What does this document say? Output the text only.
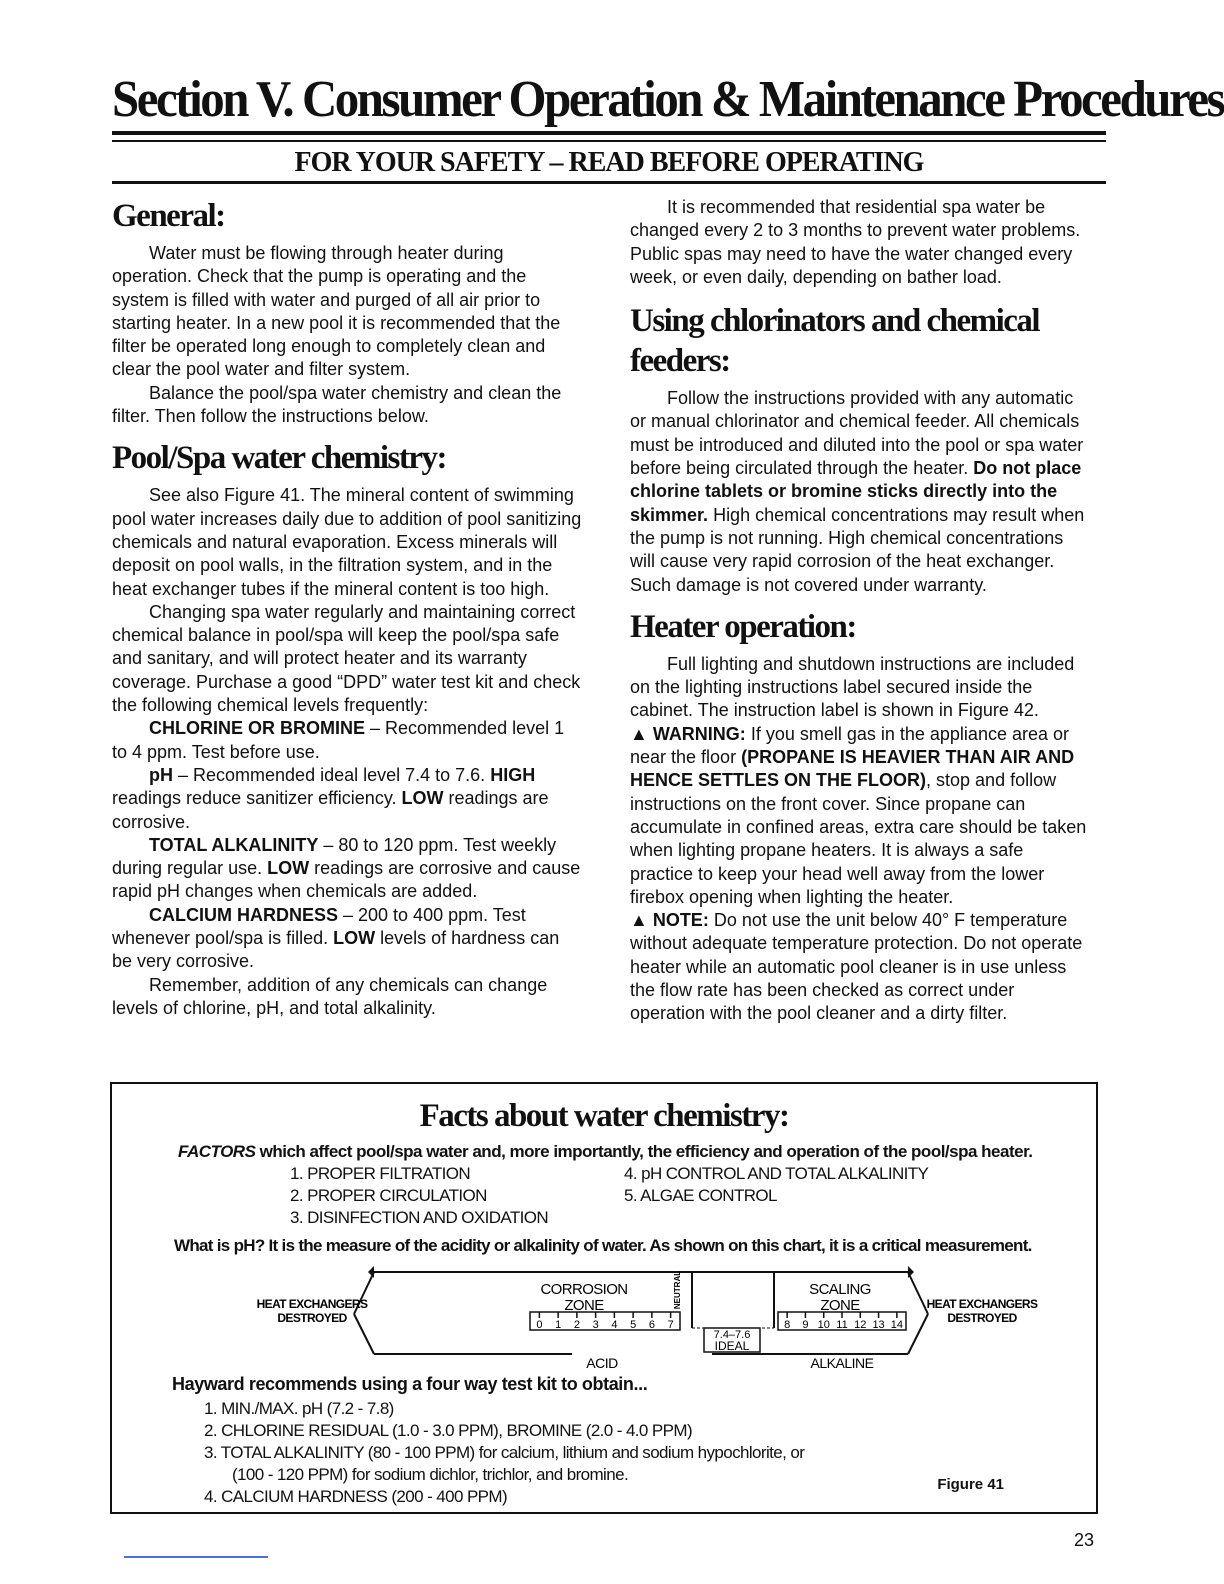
Section V. Consumer Operation & Maintenance Procedures
FOR YOUR SAFETY – READ BEFORE OPERATING
General:

Water must be flowing through heater during operation. Check that the pump is operating and the system is filled with water and purged of all air prior to starting heater. In a new pool it is recommended that the filter be operated long enough to completely clean and clear the pool water and filter system.

Balance the pool/spa water chemistry and clean the filter. Then follow the instructions below.

Pool/Spa water chemistry:

See also Figure 41. The mineral content of swimming pool water increases daily due to addition of pool sanitizing chemicals and natural evaporation. Excess minerals will deposit on pool walls, in the filtration system, and in the heat exchanger tubes if the mineral content is too high.

Changing spa water regularly and maintaining correct chemical balance in pool/spa will keep the pool/spa safe and sanitary, and will protect heater and its warranty coverage. Purchase a good “DPD” water test kit and check the following chemical levels frequently:

CHLORINE OR BROMINE – Recommended level 1 to 4 ppm. Test before use.

pH – Recommended ideal level 7.4 to 7.6. HIGH readings reduce sanitizer efficiency. LOW readings are corrosive.

TOTAL ALKALINITY – 80 to 120 ppm. Test weekly during regular use. LOW readings are corrosive and cause rapid pH changes when chemicals are added.

CALCIUM HARDNESS – 200 to 400 ppm. Test whenever pool/spa is filled. LOW levels of hardness can be very corrosive.

Remember, addition of any chemicals can change levels of chlorine, pH, and total alkalinity.

It is recommended that residential spa water be changed every 2 to 3 months to prevent water problems. Public spas may need to have the water changed every week, or even daily, depending on bather load.

Using chlorinators and chemical feeders:

Follow the instructions provided with any automatic or manual chlorinator and chemical feeder. All chemicals must be introduced and diluted into the pool or spa water before being circulated through the heater. Do not place chlorine tablets or bromine sticks directly into the skimmer. High chemical concentrations may result when the pump is not running. High chemical concentrations will cause very rapid corrosion of the heat exchanger. Such damage is not covered under warranty.

Heater operation:

Full lighting and shutdown instructions are included on the lighting instructions label secured inside the cabinet. The instruction label is shown in Figure 42.

▲ WARNING: If you smell gas in the appliance area or near the floor (PROPANE IS HEAVIER THAN AIR AND HENCE SETTLES ON THE FLOOR), stop and follow instructions on the front cover. Since propane can accumulate in confined areas, extra care should be taken when lighting propane heaters. It is always a safe practice to keep your head well away from the lower firebox opening when lighting the heater.

▲ NOTE: Do not use the unit below 40° F temperature without adequate temperature protection. Do not operate heater while an automatic pool cleaner is in use unless the flow rate has been checked as correct under operation with the pool cleaner and a dirty filter.

Facts about water chemistry:
FACTORS which affect pool/spa water and, more importantly, the efficiency and operation of the pool/spa heater.
1. PROPER FILTRATION
2. PROPER CIRCULATION
3. DISINFECTION AND OXIDATION
4. pH CONTROL AND TOTAL ALKALINITY
5. ALGAE CONTROL
What is pH? It is the measure of the acidity or alkalinity of water. As shown on this chart, it is a critical measurement.
HEAT EXCHANGERS
DESTROYED
HEAT EXCHANGERS
DESTROYED
CORROSION
ZONE	NEUTRAL	SCALING
ZONE
7.4–7.6
IDEAL
ACID	ALKALINE
0 1 2 3 4 5 6 7	8 9 10 11 12 13 14
Hayward recommends using a four way test kit to obtain...
1. MIN./MAX. pH (7.2 - 7.8)
2. CHLORINE RESIDUAL (1.0 - 3.0 PPM), BROMINE (2.0 - 4.0 PPM)
3. TOTAL ALKALINITY (80 - 100 PPM) for calcium, lithium and sodium hypochlorite, or
(100 - 120 PPM) for sodium dichlor, trichlor, and bromine.
4. CALCIUM HARDNESS (200 - 400 PPM)
Figure 41
23
